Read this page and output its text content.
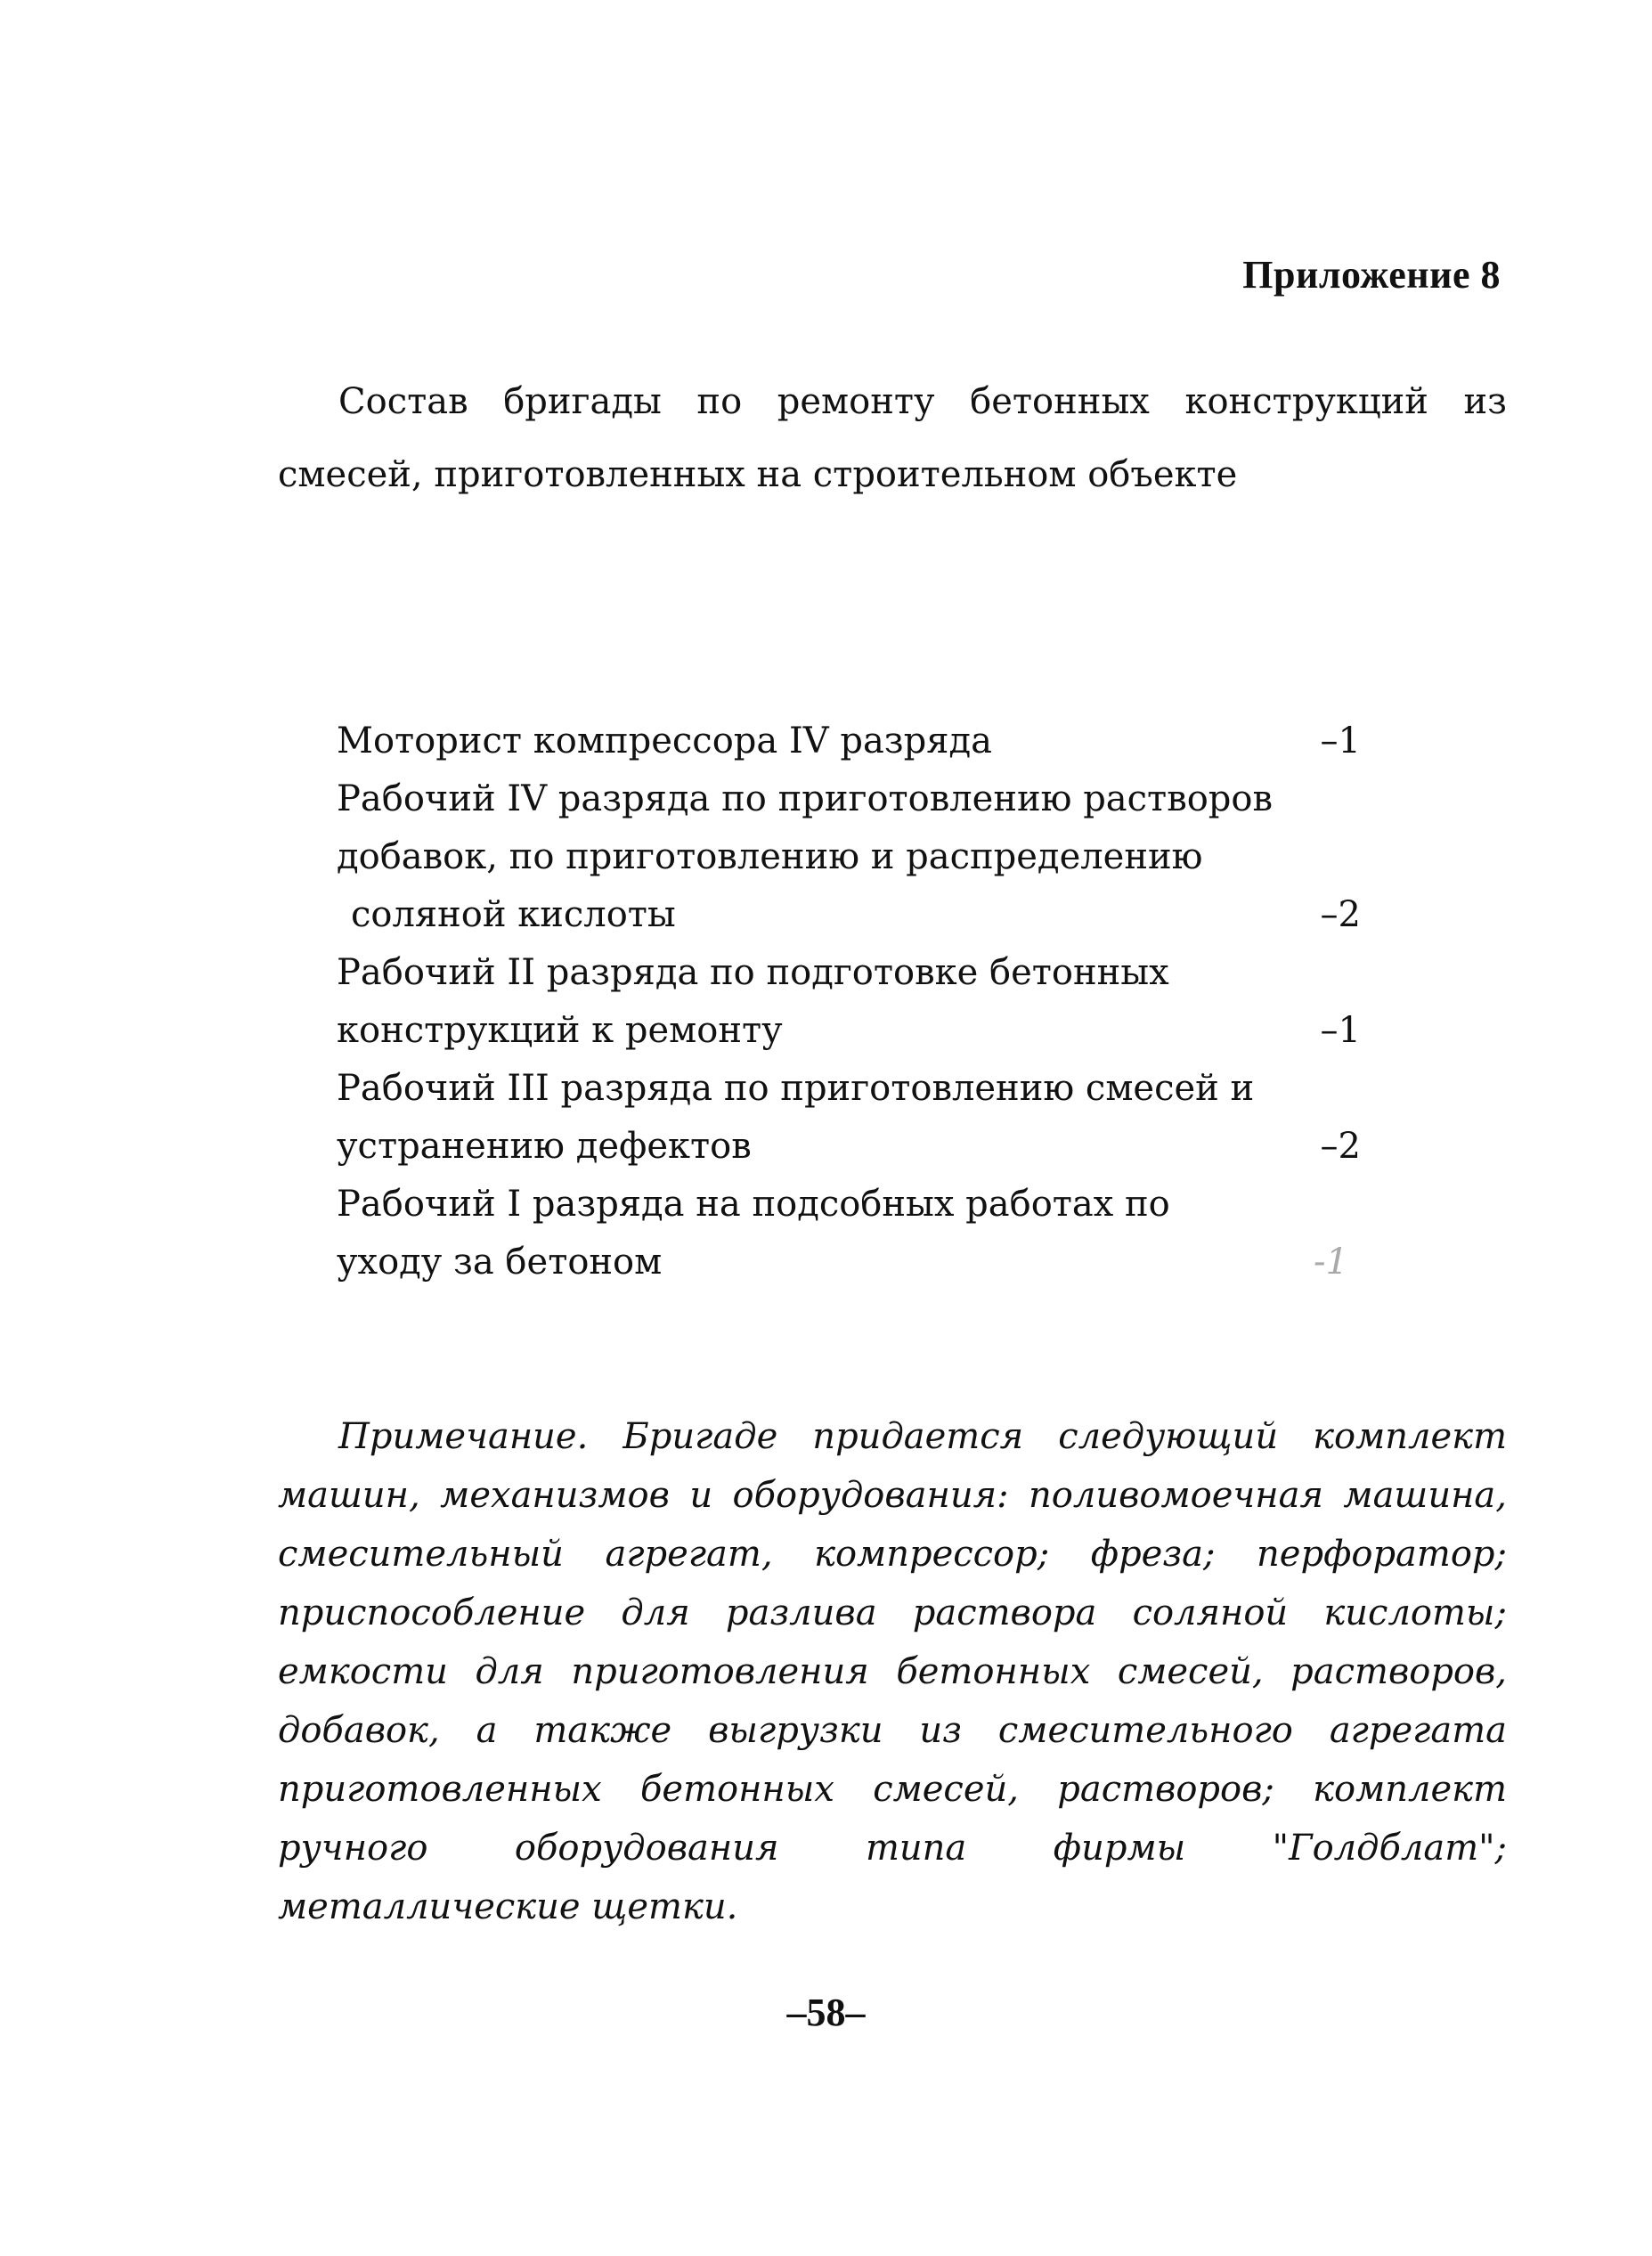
Приложение 8
Состав бригады по ремонту бетонных конструкций из смесей, приготовленных на строительном объекте
Моторист компрессора IV разряда	–1
Рабочий IV разряда по приготовлению растворов
добавок, по приготовлению и распределению
соляной кислоты	–2
Рабочий II разряда по подготовке бетонных
конструкций к ремонту	–1
Рабочий III разряда по приготовлению смесей и
устранению дефектов	–2
Рабочий I разряда на подсобных работах по
уходу за бетоном	-1
Примечание. Бригаде придается следующий комплект машин, механизмов и оборудования: поливомоечная машина, смесительный агрегат, компрессор; фреза; перфоратор; приспособление для разлива раствора соляной кислоты; емкости для приготовления бетонных смесей, растворов, добавок, а также выгрузки из смесительного агрегата приготовленных бетонных смесей, растворов; комплект ручного оборудования типа фирмы "Голдблат"; металлические щетки.
–58–
